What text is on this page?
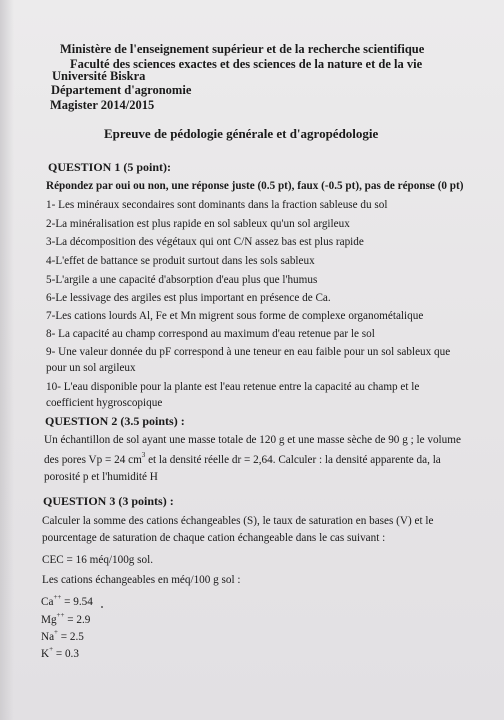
Ministère de l'enseignement supérieur et de la recherche scientifique
Faculté des sciences exactes et des sciences de la nature et de la vie
Université Biskra
Département d'agronomie
Magister 2014/2015
Epreuve de pédologie générale et d'agropédologie
QUESTION 1 (5 point):
Répondez par oui ou non, une réponse juste (0.5 pt), faux (-0.5 pt), pas de réponse (0 pt)
1- Les minéraux secondaires sont dominants dans la fraction sableuse du sol
2-La minéralisation est plus rapide en sol sableux qu'un sol argileux
3-La décomposition des végétaux qui ont C/N assez bas est plus rapide
4-L'effet de battance se produit surtout dans les sols sableux
5-L'argile a une capacité d'absorption d'eau plus que l'humus
6-Le lessivage des argiles est plus important en présence de Ca.
7-Les cations lourds Al, Fe et Mn migrent sous forme de complexe organométalique
8- La capacité au champ correspond au maximum d'eau retenue par le sol
9- Une valeur donnée du pF correspond à une teneur en eau faible pour un sol sableux que
pour un sol argileux
10- L'eau disponible pour la plante est l'eau retenue entre la capacité au champ et le
coefficient hygroscopique
QUESTION 2 (3.5 points) :
Un échantillon de sol ayant une masse totale de 120 g et une masse sèche de 90 g ; le volume
des pores Vp = 24 $cm^3$ et la densité réelle dr = 2,64. Calculer : la densité apparente da, la
porosité p et l'humidité H
QUESTION 3 (3 points) :
Calculer la somme des cations échangeables (S), le taux de saturation en bases (V) et le
pourcentage de saturation de chaque cation échangeable dans le cas suivant :
CEC = 16 méq/100g sol.
Les cations échangeables en méq/100 g sol :
Ca++ = 9.54
Mg++ = 2.9
Na+ = 2.5
K+ = 0.3
